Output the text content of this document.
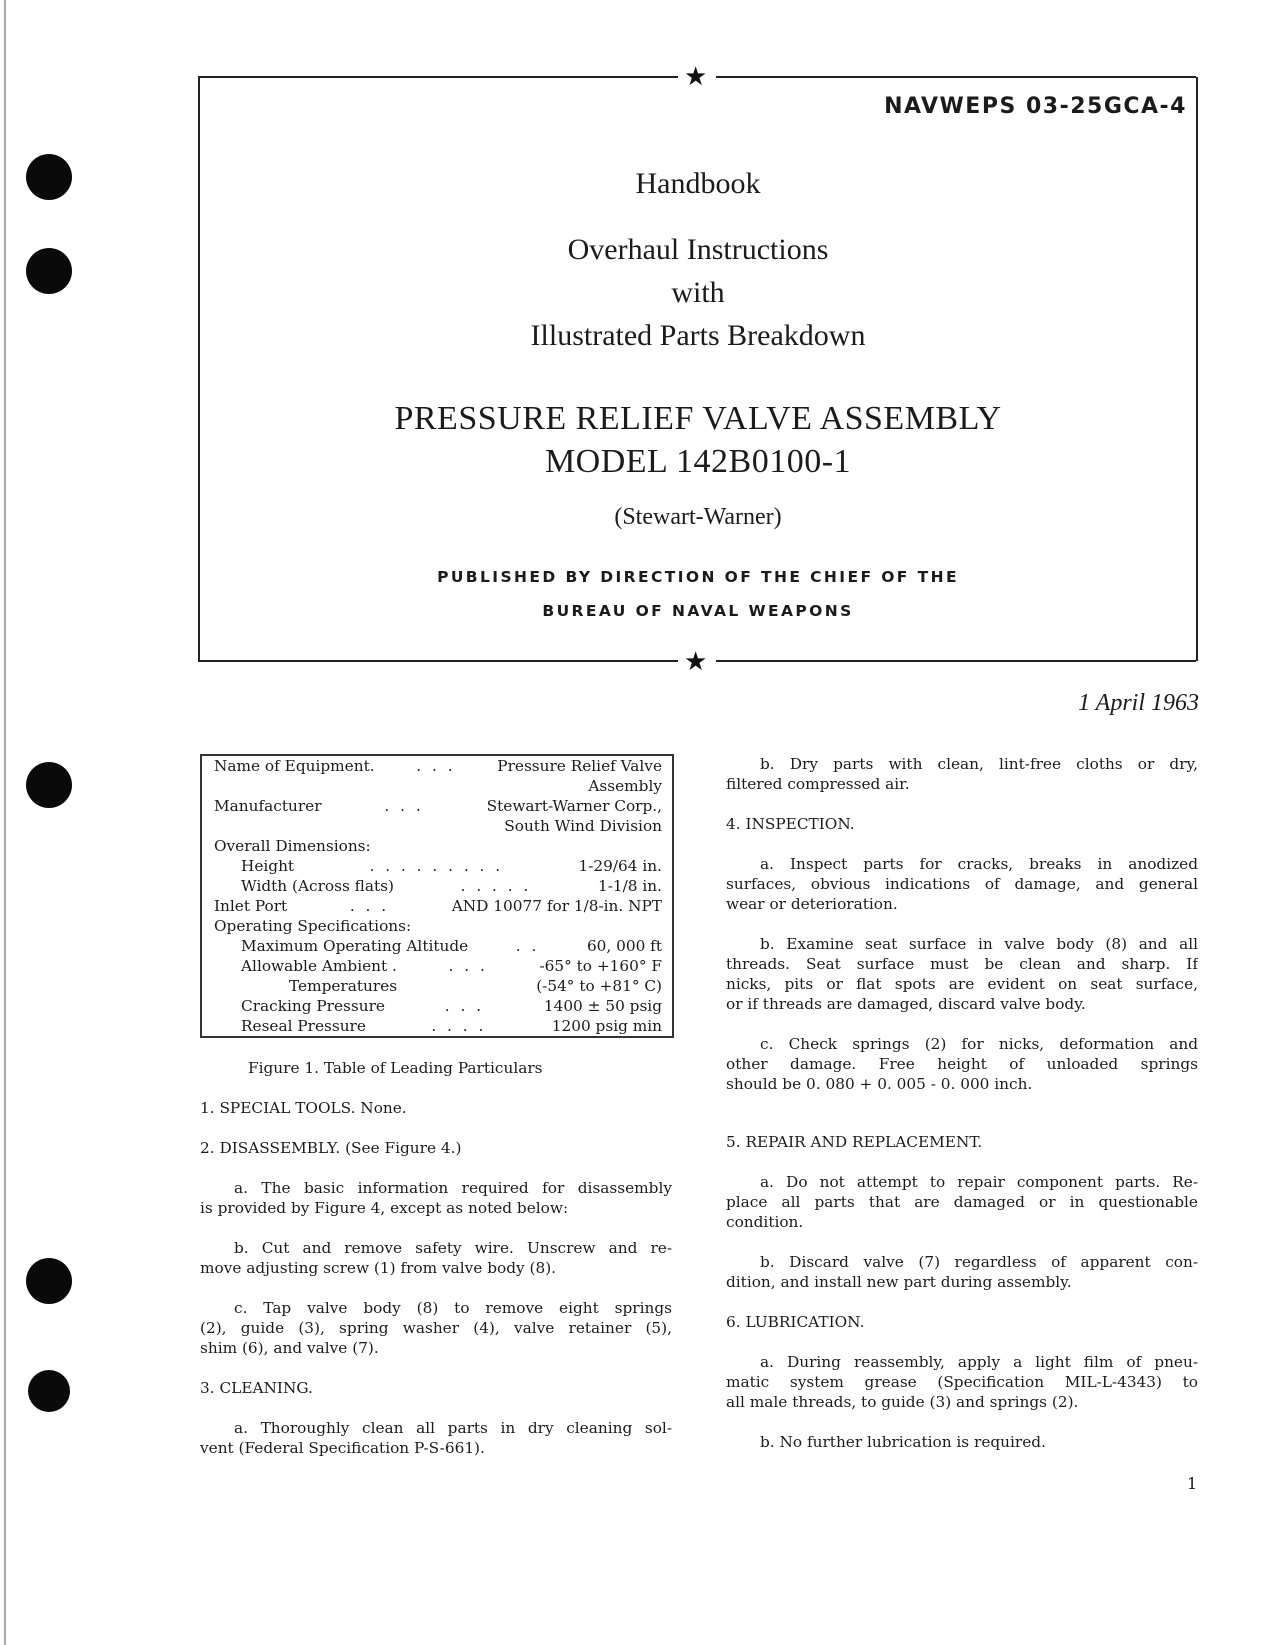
★
★
NAVWEPS 03-25GCA-4
Handbook
Overhaul Instructions
with
Illustrated Parts Breakdown
PRESSURE RELIEF VALVE ASSEMBLY
MODEL 142B0100-1
(Stewart-Warner)
PUBLISHED BY DIRECTION OF THE CHIEF OF THE
BUREAU OF NAVAL WEAPONS
1 April 1963
Name of Equipment.	. . .	Pressure Relief Valve
Assembly
Manufacturer	. . .	Stewart-Warner Corp.,
South Wind Division
Overall Dimensions:
Height	. . . . . . . . .	1-29/64 in.
Width (Across flats)	. . . . .	1-1/8 in.
Inlet Port	. . .	AND 10077 for 1/8-in. NPT
Operating Specifications:
Maximum Operating Altitude	. .	60, 000 ft
Allowable Ambient .	. . .	-65° to +160° F
Temperatures	(-54° to +81° C)
Cracking Pressure	. . .	1400 ± 50 psig
Reseal Pressure	. . . .	1200 psig min
Figure 1. Table of Leading Particulars
1. SPECIAL TOOLS. None.
2. DISASSEMBLY. (See Figure 4.)
a. The basic information required for disassembly
is provided by Figure 4, except as noted below:
b. Cut and remove safety wire. Unscrew and re-
move adjusting screw (1) from valve body (8).
c. Tap valve body (8) to remove eight springs
(2), guide (3), spring washer (4), valve retainer (5),
shim (6), and valve (7).
3. CLEANING.
a. Thoroughly clean all parts in dry cleaning sol-
vent (Federal Specification P-S-661).
b. Dry parts with clean, lint-free cloths or dry,
filtered compressed air.
4. INSPECTION.
a. Inspect parts for cracks, breaks in anodized
surfaces, obvious indications of damage, and general
wear or deterioration.
b. Examine seat surface in valve body (8) and all
threads. Seat surface must be clean and sharp. If
nicks, pits or flat spots are evident on seat surface,
or if threads are damaged, discard valve body.
c. Check springs (2) for nicks, deformation and
other damage. Free height of unloaded springs
should be 0. 080 + 0. 005 - 0. 000 inch.
5. REPAIR AND REPLACEMENT.
a. Do not attempt to repair component parts. Re-
place all parts that are damaged or in questionable
condition.
b. Discard valve (7) regardless of apparent con-
dition, and install new part during assembly.
6. LUBRICATION.
a. During reassembly, apply a light film of pneu-
matic system grease (Specification MIL-L-4343) to
all male threads, to guide (3) and springs (2).
b. No further lubrication is required.
1
